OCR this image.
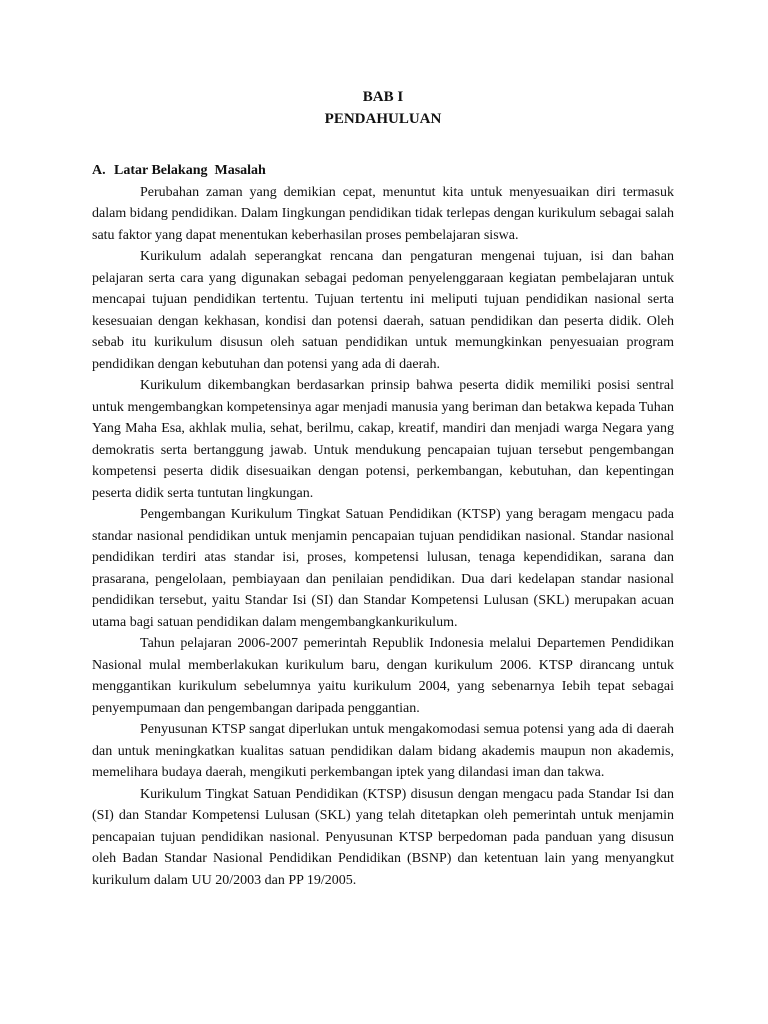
BAB I

PENDAHULUAN

A. Latar Belakang  Masalah

Perubahan zaman yang demikian cepat, menuntut kita untuk menyesuaikan diri termasuk dalam bidang pendidikan. Dalam Iingkungan pendidikan tidak terlepas dengan kurikulum sebagai salah satu faktor yang dapat menentukan keberhasilan proses pembelajaran siswa.

Kurikulum adalah seperangkat rencana dan pengaturan mengenai tujuan, isi dan bahan pelajaran serta cara yang digunakan sebagai pedoman penyelenggaraan kegiatan pembelajaran untuk mencapai tujuan pendidikan tertentu. Tujuan tertentu ini meliputi tujuan pendidikan nasional serta kesesuaian dengan kekhasan, kondisi dan potensi daerah, satuan pendidikan dan peserta didik. Oleh sebab itu kurikulum disusun oleh satuan pendidikan untuk memungkinkan penyesuaian program pendidikan dengan kebutuhan dan potensi yang ada di daerah.

Kurikulum dikembangkan berdasarkan prinsip bahwa peserta didik memiliki posisi sentral untuk mengembangkan kompetensinya agar menjadi manusia yang beriman dan betakwa kepada Tuhan Yang Maha Esa, akhlak mulia, sehat, berilmu, cakap, kreatif, mandiri dan menjadi warga Negara yang demokratis serta bertanggung jawab. Untuk mendukung pencapaian tujuan tersebut pengembangan kompetensi peserta didik disesuaikan dengan potensi, perkembangan, kebutuhan, dan kepentingan peserta didik serta tuntutan lingkungan.

Pengembangan Kurikulum Tingkat Satuan Pendidikan (KTSP) yang beragam mengacu pada standar nasional pendidikan untuk menjamin pencapaian tujuan pendidikan nasional. Standar nasional pendidikan terdiri atas standar isi, proses, kompetensi lulusan, tenaga kependidikan, sarana dan prasarana, pengelolaan, pembiayaan dan penilaian pendidikan. Dua dari kedelapan standar nasional pendidikan tersebut, yaitu Standar Isi (SI) dan Standar Kompetensi Lulusan (SKL) merupakan acuan utama bagi satuan pendidikan dalam mengembangkankurikulum.

Tahun pelajaran 2006-2007 pemerintah Republik Indonesia melalui Departemen Pendidikan Nasional mulal memberlakukan kurikulum baru, dengan kurikulum 2006. KTSP dirancang untuk menggantikan kurikulum sebelumnya yaitu kurikulum 2004, yang sebenarnya Iebih tepat sebagai penyempumaan dan pengembangan daripada penggantian.

Penyusunan KTSP sangat diperlukan untuk mengakomodasi semua potensi yang ada di daerah dan untuk meningkatkan kualitas satuan pendidikan dalam bidang akademis maupun non akademis, memelihara budaya daerah, mengikuti perkembangan iptek yang dilandasi iman dan takwa.

Kurikulum Tingkat Satuan Pendidikan (KTSP) disusun dengan mengacu pada Standar Isi dan (SI) dan Standar Kompetensi Lulusan (SKL) yang telah ditetapkan oleh pemerintah untuk menjamin pencapaian tujuan pendidikan nasional. Penyusunan KTSP berpedoman pada panduan yang disusun oleh Badan Standar Nasional Pendidikan Pendidikan (BSNP) dan ketentuan lain yang menyangkut kurikulum dalam UU 20/2003 dan PP 19/2005.
